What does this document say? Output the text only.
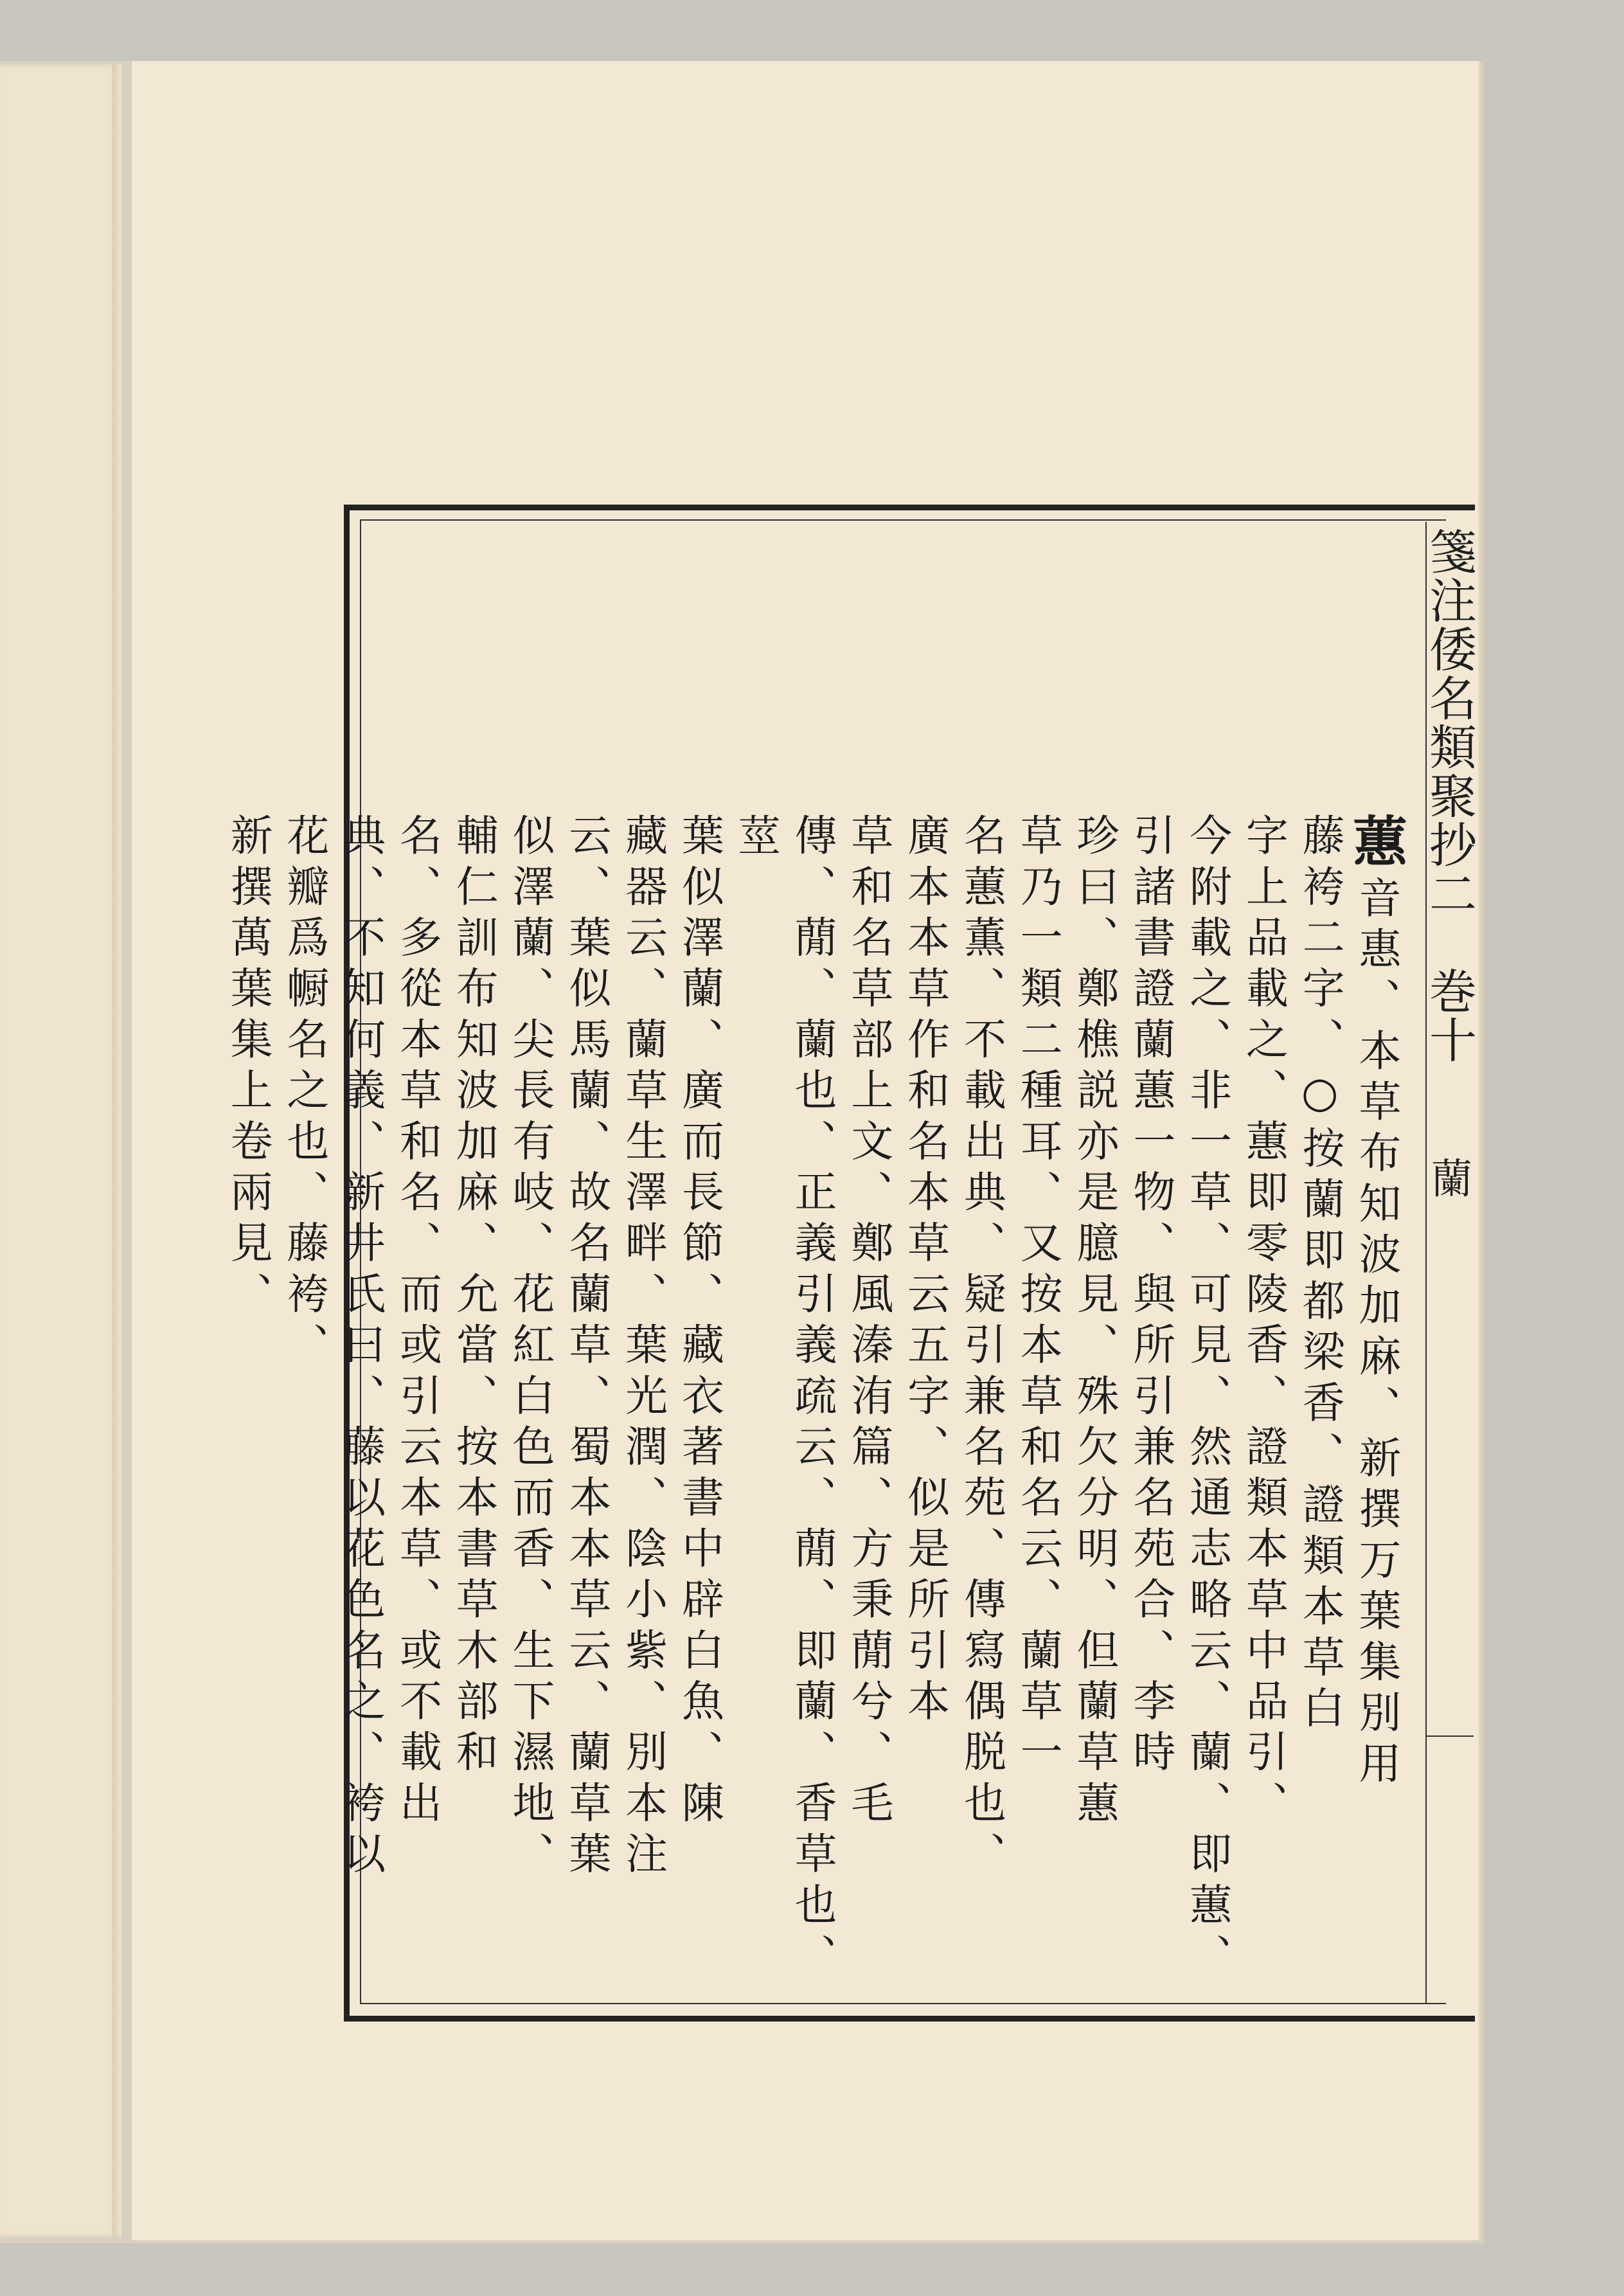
箋注倭名類聚抄二　巻十
蘭
蕙音惠、本草布知波加麻、新撰万葉集別用
藤袴二字、○按蘭即都梁香、證類本草白
字上品載之、蕙即零陵香、證類本草中品引、
今附載之、非一草、可見、然通志略云、蘭、即蕙、
引諸書證蘭蕙一物、與所引兼名苑合、李時
珍曰、鄭樵説亦是臆見、殊欠分明、但蘭草蕙
草乃一類二種耳、又按本草和名云、蘭草一
名蕙薫、不載出典、疑引兼名苑、傳寫偶脱也、
廣本本草作和名本草云五字、似是所引本
草和名草部上文、鄭風溱洧篇、方秉蕑兮、毛
傳、蕑、蘭也、正義引義疏云、蕑、即蘭、香草也、莖
葉似澤蘭、廣而長節、藏衣著書中辟白魚、陳
藏器云、蘭草生澤畔、葉光潤、陰小紫、別本注
云、葉似馬蘭、故名蘭草、蜀本本草云、蘭草葉
似澤蘭、尖長有岐、花紅白色而香、生下濕地、
輔仁訓布知波加麻、允當、按本書草木部和
名、多從本草和名、而或引云本草、或不載出
典、不知何義、新井氏曰、藤以花色名之、袴以
花瓣爲㡡名之也、藤袴、
新撰萬葉集上卷兩見、
